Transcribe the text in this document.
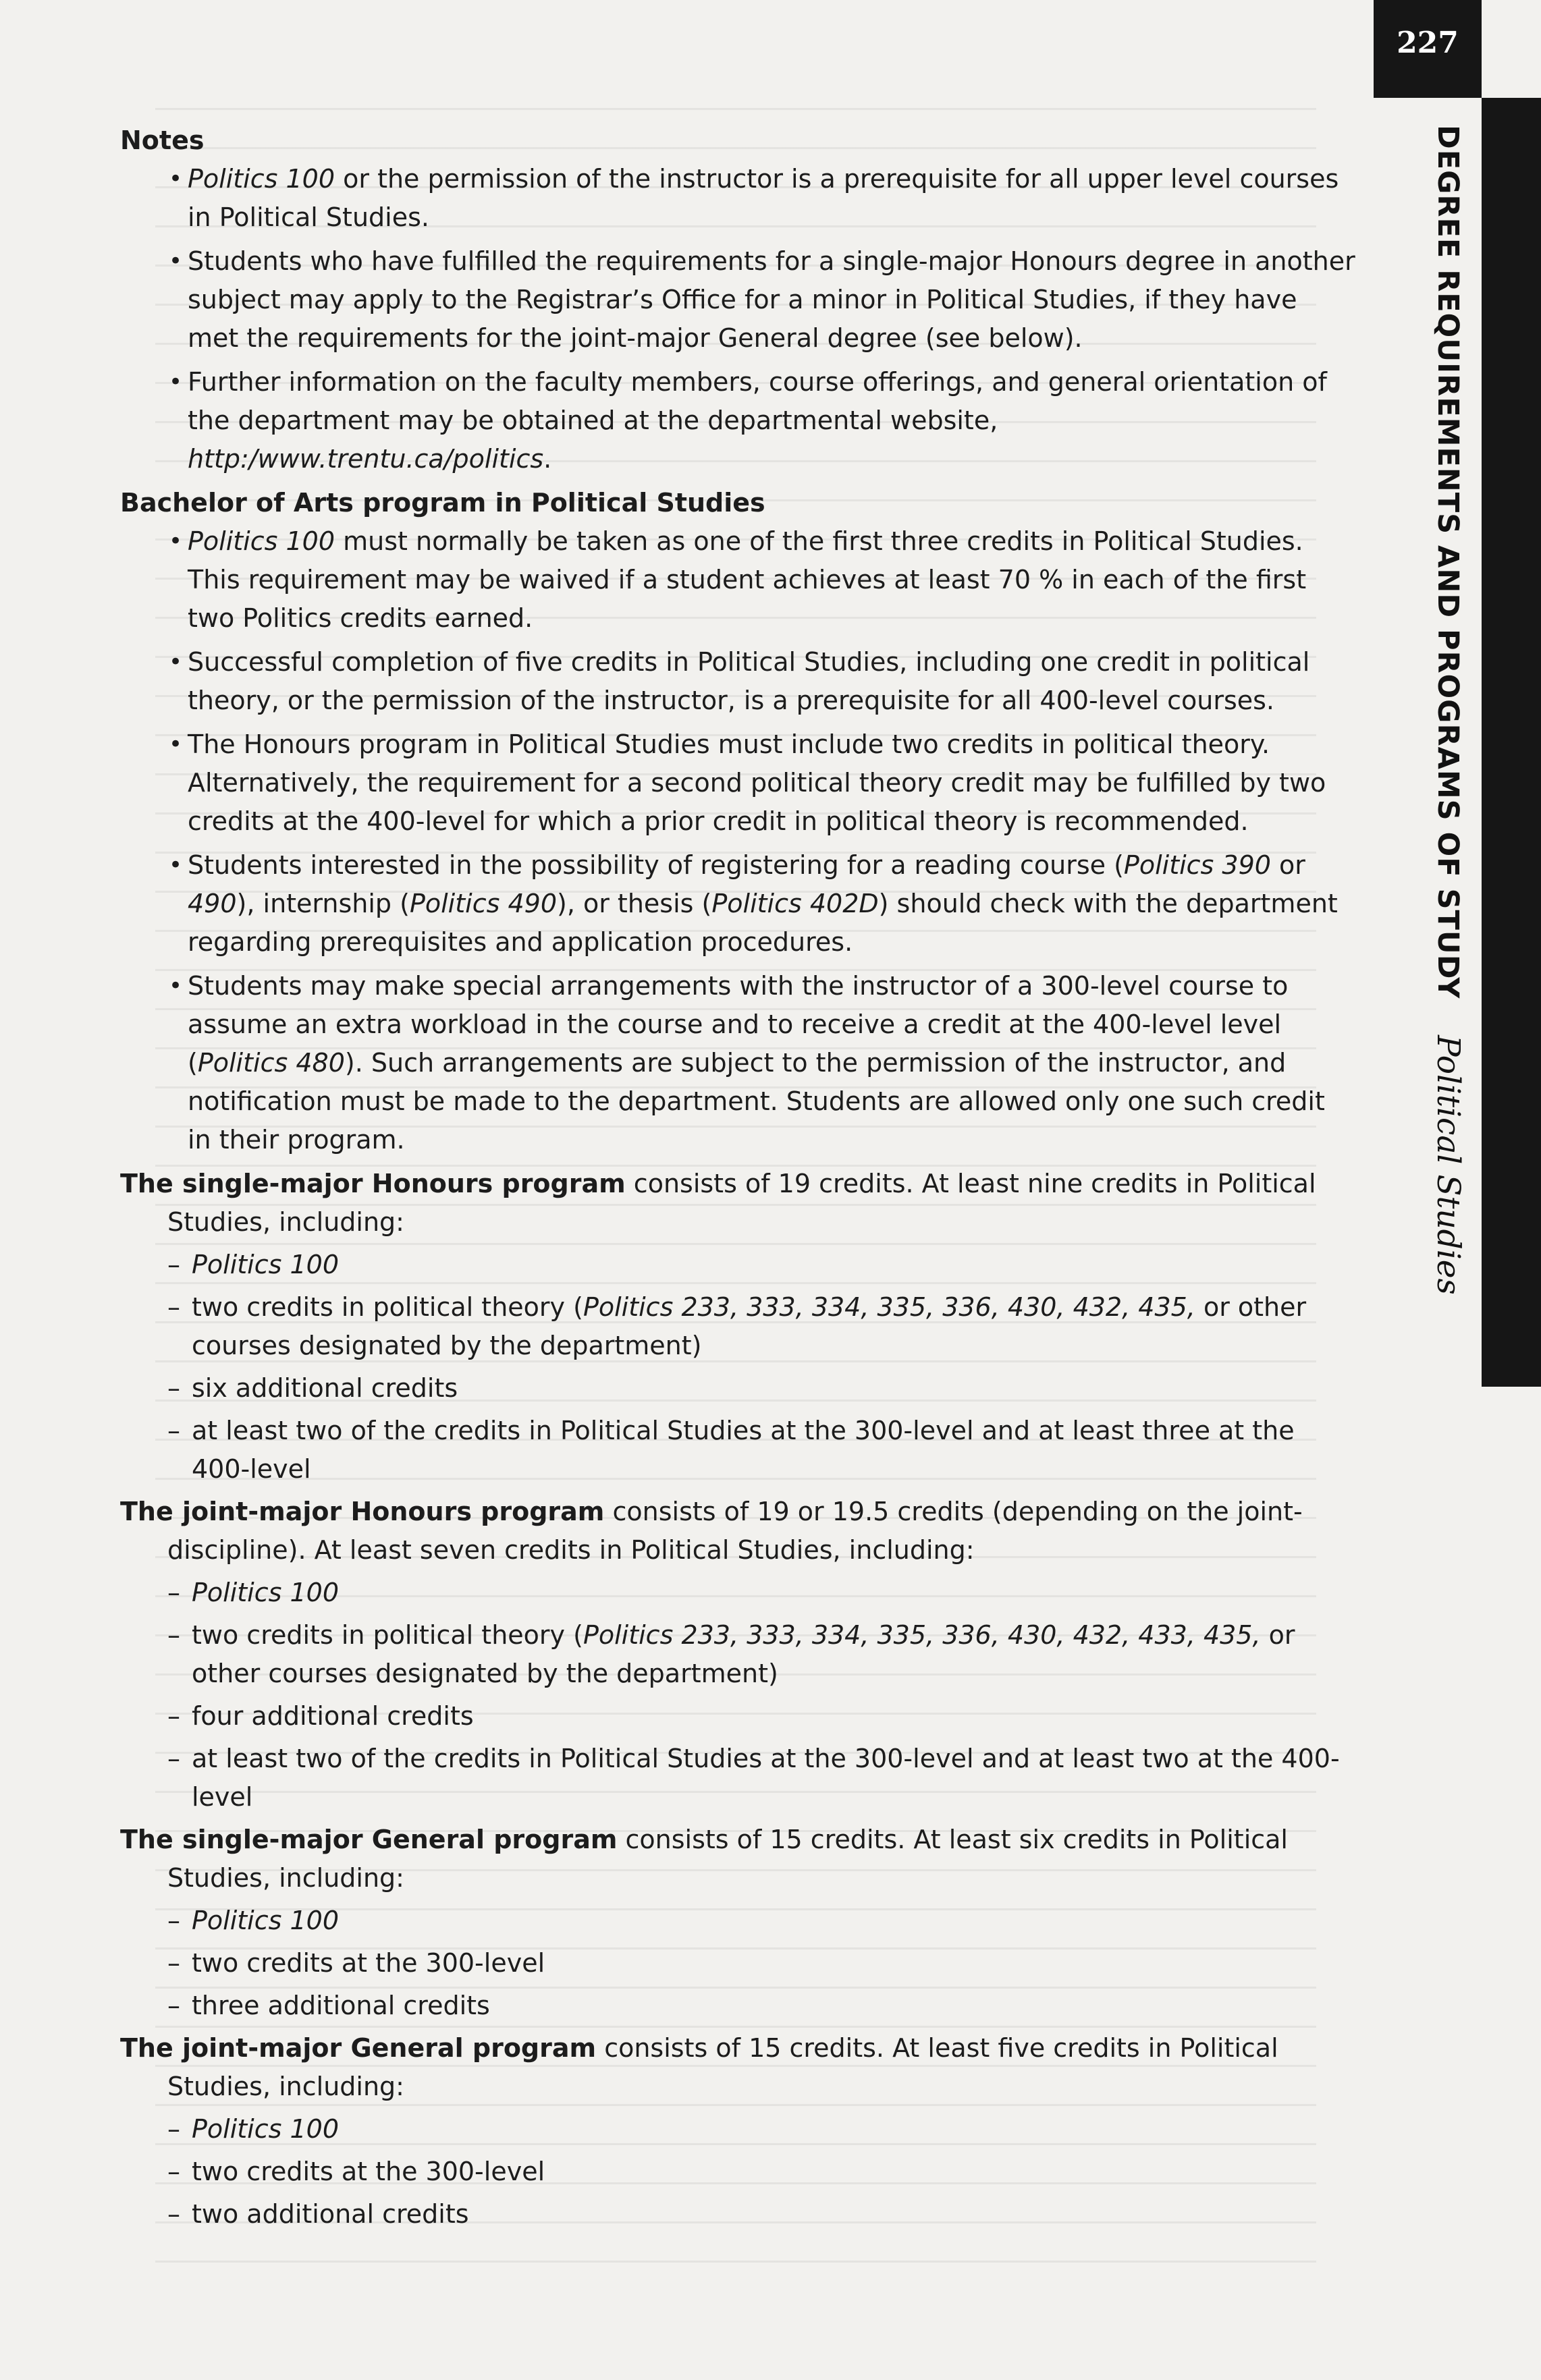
227
DEGREE REQUIREMENTS AND PROGRAMS OF STUDY Political Studies

Notes

• Politics 100 or the permission of the instructor is a prerequisite for all upper level courses in Political Studies.
• Students who have fulfilled the requirements for a single-major Honours degree in another subject may apply to the Registrar’s Office for a minor in Political Studies, if they have met the requirements for the joint-major General degree (see below).
• Further information on the faculty members, course offerings, and general orientation of the department may be obtained at the departmental website, http:/www.trentu.ca/politics.

Bachelor of Arts program in Political Studies

• Politics 100 must normally be taken as one of the first three credits in Political Studies. This requirement may be waived if a student achieves at least 70 % in each of the first two Politics credits earned.
• Successful completion of five credits in Political Studies, including one credit in political theory, or the permission of the instructor, is a prerequisite for all 400-level courses.
• The Honours program in Political Studies must include two credits in political theory. Alternatively, the requirement for a second political theory credit may be fulfilled by two credits at the 400-level for which a prior credit in political theory is recommended.
• Students interested in the possibility of registering for a reading course (Politics 390 or 490), internship (Politics 490), or thesis (Politics 402D) should check with the department regarding prerequisites and application procedures.
• Students may make special arrangements with the instructor of a 300-level course to assume an extra workload in the course and to receive a credit at the 400-level level (Politics 480). Such arrangements are subject to the permission of the instructor, and notification must be made to the department. Students are allowed only one such credit in their program.

The single-major Honours program consists of 19 credits. At least nine credits in Political Studies, including:

– Politics 100
– two credits in political theory (Politics 233, 333, 334, 335, 336, 430, 432, 435, or other courses designated by the department)
– six additional credits
– at least two of the credits in Political Studies at the 300-level and at least three at the 400-level

The joint-major Honours program consists of 19 or 19.5 credits (depending on the joint-discipline). At least seven credits in Political Studies, including:

– Politics 100
– two credits in political theory (Politics 233, 333, 334, 335, 336, 430, 432, 433, 435, or other courses designated by the department)
– four additional credits
– at least two of the credits in Political Studies at the 300-level and at least two at the 400-level

The single-major General program consists of 15 credits. At least six credits in Political Studies, including:

– Politics 100
– two credits at the 300-level
– three additional credits

The joint-major General program consists of 15 credits. At least five credits in Political Studies, including:

– Politics 100
– two credits at the 300-level
– two additional credits
